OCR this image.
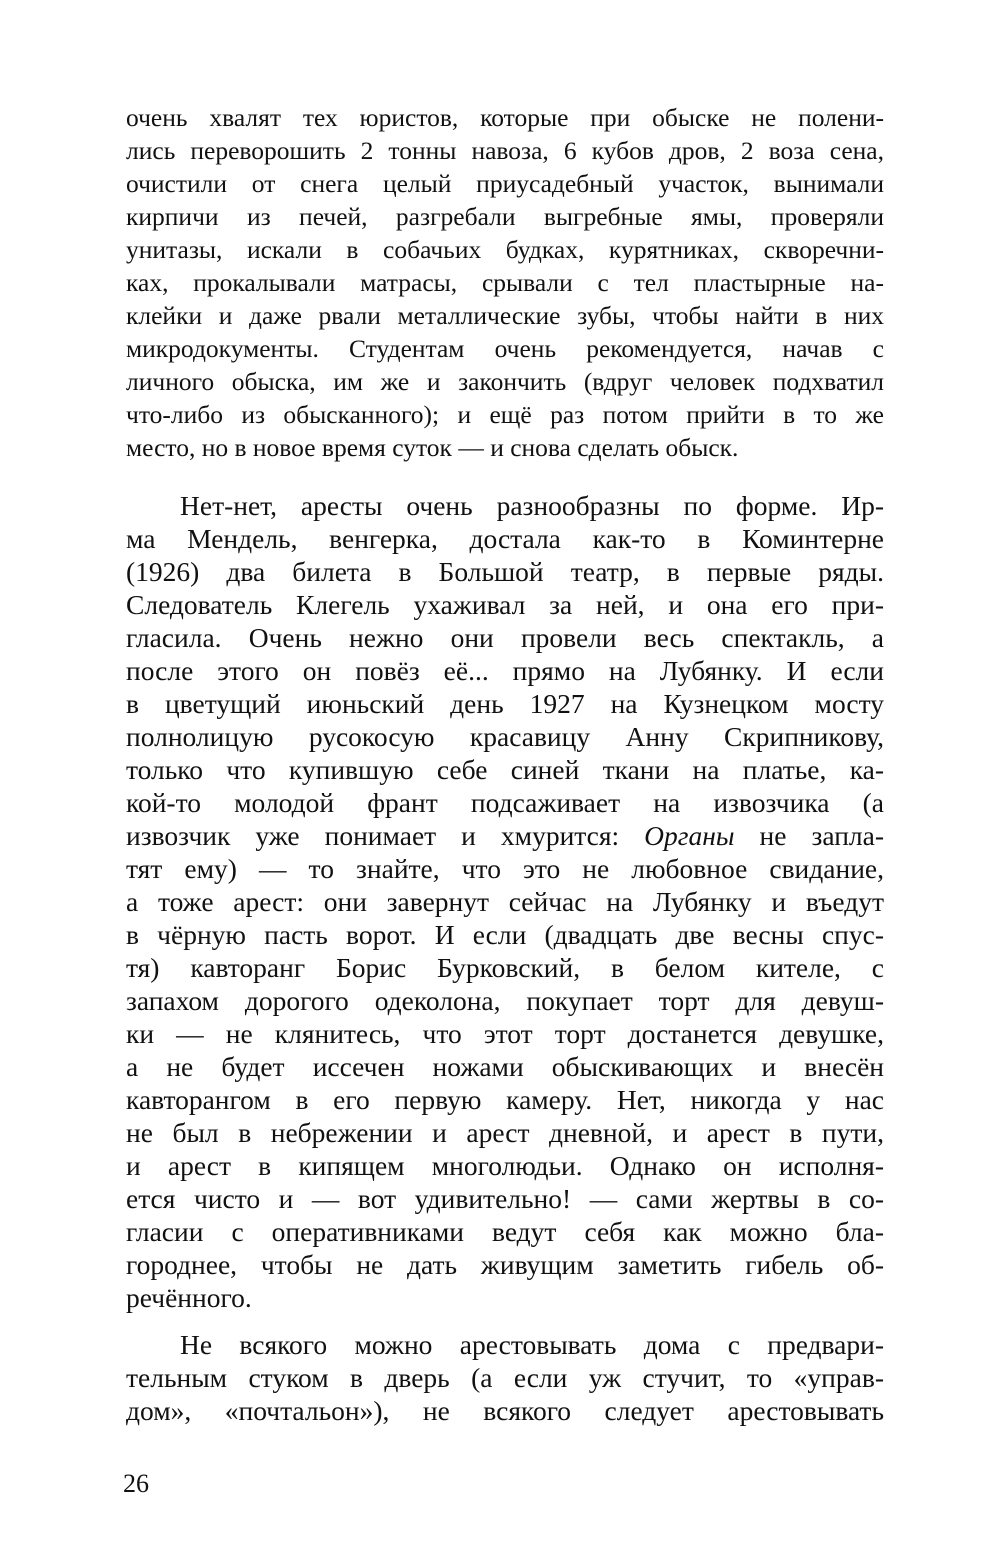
очень хвалят тех юристов, которые при обыске не полени-

лись переворошить 2 тонны навоза, 6 кубов дров, 2 воза сена,

очистили от снега целый приусадебный участок, вынимали

кирпичи из печей, разгребали выгребные ямы, проверяли

унитазы, искали в собачьих будках, курятниках, скворечни-

ках, прокалывали матрасы, срывали с тел пластырные на-

клейки и даже рвали металлические зубы, чтобы найти в них

микродокументы. Студентам очень рекомендуется, начав с

личного обыска, им же и закончить (вдруг человек подхватил

что-либо из обысканного); и ещё раз потом прийти в то же

место, но в новое время суток — и снова сделать обыск.

Нет-нет, аресты очень разнообразны по форме. Ир-

ма Мендель, венгерка, достала как-то в Коминтерне

(1926) два билета в Большой театр, в первые ряды.

Следователь Клегель ухаживал за ней, и она его при-

гласила. Очень нежно они провели весь спектакль, а

после этого он повёз её... прямо на Лубянку. И если

в цветущий июньский день 1927 на Кузнецком мосту

полнолицую русокосую красавицу Анну Скрипникову,

только что купившую себе синей ткани на платье, ка-

кой-то молодой франт подсаживает на извозчика (а

извозчик уже понимает и хмурится: Органы не запла-

тят ему) — то знайте, что это не любовное свидание,

а тоже арест: они завернут сейчас на Лубянку и въедут

в чёрную пасть ворот. И если (двадцать две весны спус-

тя) кавторанг Борис Бурковский, в белом кителе, с

запахом дорогого одеколона, покупает торт для девуш-

ки — не клянитесь, что этот торт достанется девушке,

а не будет иссечен ножами обыскивающих и внесён

кавторангом в его первую камеру. Нет, никогда у нас

не был в небрежении и арест дневной, и арест в пути,

и арест в кипящем многолюдьи. Однако он исполня-

ется чисто и — вот удивительно! — сами жертвы в со-

гласии с оперативниками ведут себя как можно бла-

городнее, чтобы не дать живущим заметить гибель об-

речённого.

Не всякого можно арестовывать дома с предвари-

тельным стуком в дверь (а если уж стучит, то «управ-

дом», «почтальон»), не всякого следует арестовывать

26
